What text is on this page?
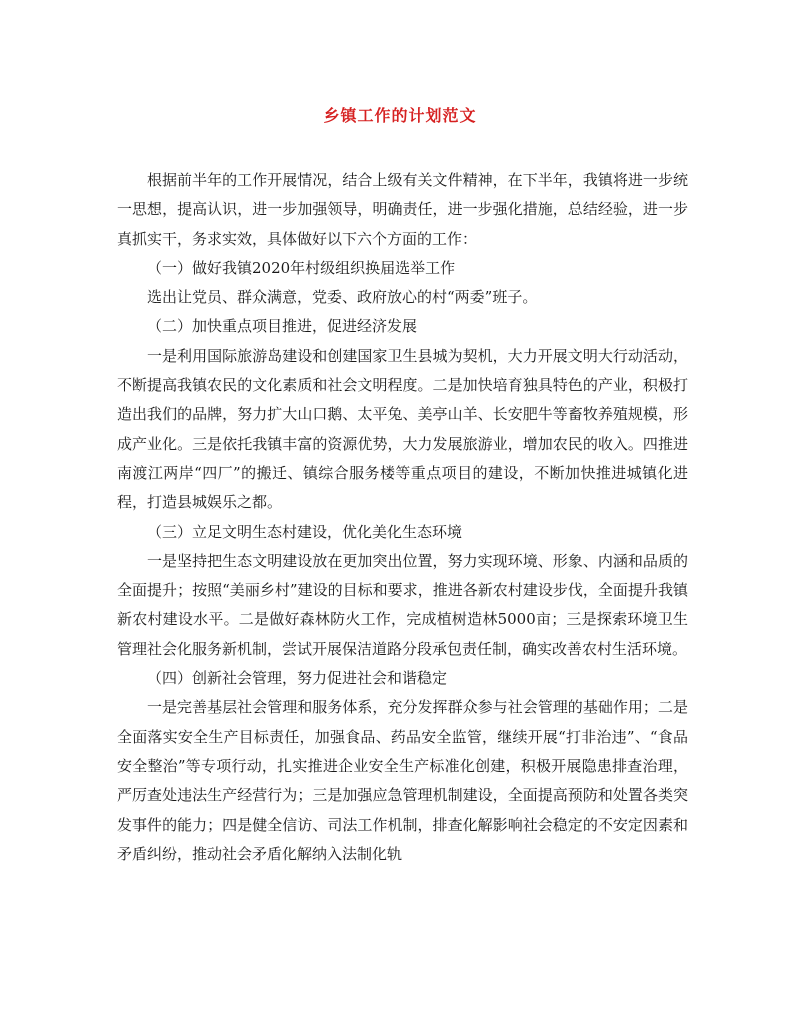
乡镇工作的计划范文

根据前半年的工作开展情况，结合上级有关文件精神，在下半年，我镇将进一步统一思想，提高认识，进一步加强领导，明确责任，进一步强化措施，总结经验，进一步真抓实干，务求实效，具体做好以下六个方面的工作：

（一）做好我镇2020年村级组织换届选举工作

选出让党员、群众满意，党委、政府放心的村“两委”班子。

（二）加快重点项目推进，促进经济发展

一是利用国际旅游岛建设和创建国家卫生县城为契机，大力开展文明大行动活动，不断提高我镇农民的文化素质和社会文明程度。二是加快培育独具特色的产业，积极打造出我们的品牌，努力扩大山口鹅、太平兔、美亭山羊、长安肥牛等畜牧养殖规模，形成产业化。三是依托我镇丰富的资源优势，大力发展旅游业，增加农民的收入。四推进南渡江两岸“四厂”的搬迁、镇综合服务楼等重点项目的建设，不断加快推进城镇化进程，打造县城娱乐之都。

（三）立足文明生态村建设，优化美化生态环境

一是坚持把生态文明建设放在更加突出位置，努力实现环境、形象、内涵和品质的全面提升；按照“美丽乡村”建设的目标和要求，推进各新农村建设步伐，全面提升我镇新农村建设水平。二是做好森林防火工作，完成植树造林5000亩；三是探索环境卫生管理社会化服务新机制，尝试开展保洁道路分段承包责任制，确实改善农村生活环境。

（四）创新社会管理，努力促进社会和谐稳定

一是完善基层社会管理和服务体系，充分发挥群众参与社会管理的基础作用；二是全面落实安全生产目标责任，加强食品、药品安全监管，继续开展“打非治违”、“食品安全整治”等专项行动，扎实推进企业安全生产标准化创建，积极开展隐患排查治理，严厉查处违法生产经营行为；三是加强应急管理机制建设，全面提高预防和处置各类突发事件的能力；四是健全信访、司法工作机制，排查化解影响社会稳定的不安定因素和矛盾纠纷，推动社会矛盾化解纳入法制化轨
